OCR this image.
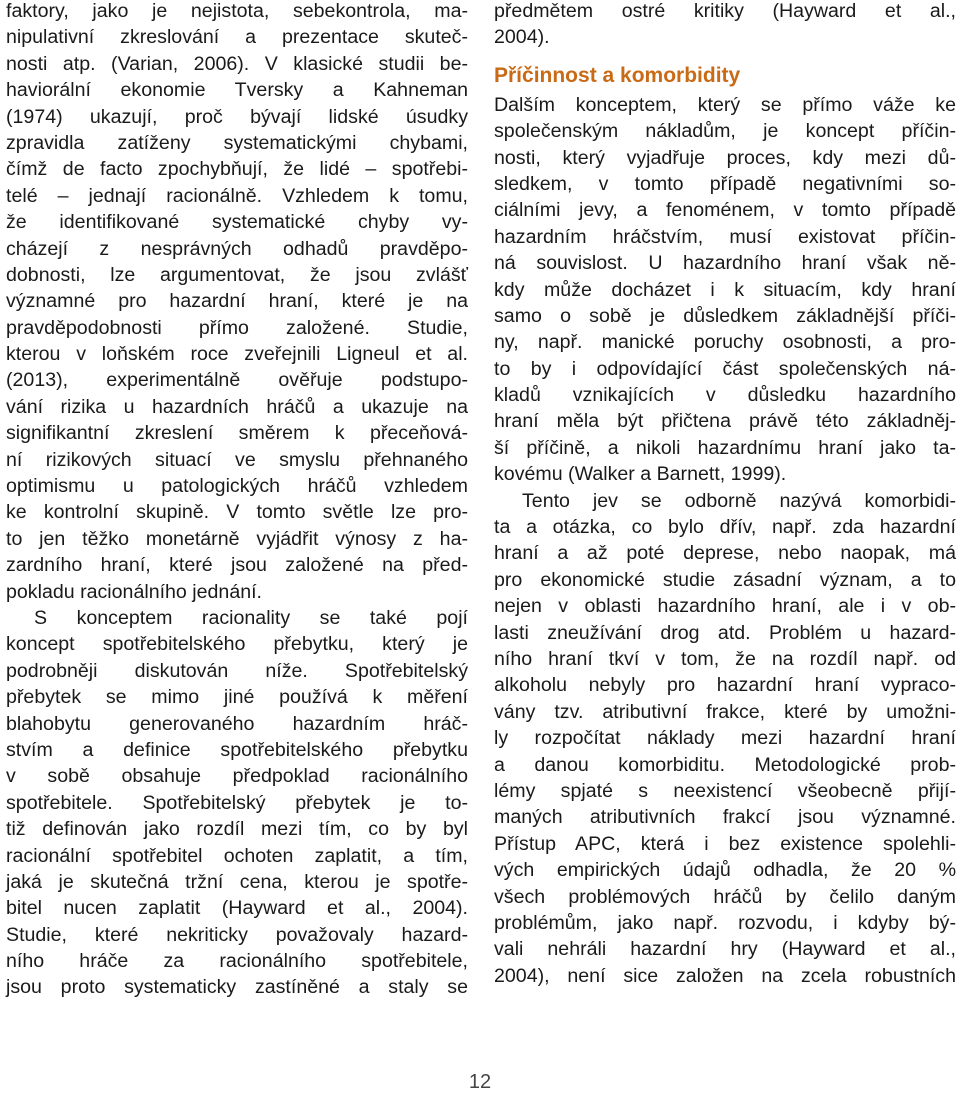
faktory, jako je nejistota, sebekontrola, ma-
nipulativní zkreslování a prezentace skuteč-
nosti atp. (Varian, 2006). V klasické studii be-
haviorální ekonomie Tversky a Kahneman
(1974) ukazují, proč bývají lidské úsudky
zpravidla zatíženy systematickými chybami,
čímž de facto zpochybňují, že lidé – spotřebi-
telé – jednají racionálně. Vzhledem k tomu,
že identifikované systematické chyby vy-
cházejí z nesprávných odhadů pravděpo-
dobnosti, lze argumentovat, že jsou zvlášť
významné pro hazardní hraní, které je na
pravděpodobnosti přímo založené. Studie,
kterou v loňském roce zveřejnili Ligneul et al.
(2013), experimentálně ověřuje podstupo-
vání rizika u hazardních hráčů a ukazuje na
signifikantní zkreslení směrem k přeceňová-
ní rizikových situací ve smyslu přehnaného
optimismu u patologických hráčů vzhledem
ke kontrolní skupině. V tomto světle lze pro-
to jen těžko monetárně vyjádřit výnosy z ha-
zardního hraní, které jsou založené na před-
pokladu racionálního jednání.
S konceptem racionality se také pojí
koncept spotřebitelského přebytku, který je
podrobněji diskutován níže. Spotřebitelský
přebytek se mimo jiné používá k měření
blahobytu generovaného hazardním hráč-
stvím a definice spotřebitelského přebytku
v sobě obsahuje předpoklad racionálního
spotřebitele. Spotřebitelský přebytek je to-
tiž definován jako rozdíl mezi tím, co by byl
racionální spotřebitel ochoten zaplatit, a tím,
jaká je skutečná tržní cena, kterou je spotře-
bitel nucen zaplatit (Hayward et al., 2004).
Studie, které nekriticky považovaly hazard-
ního hráče za racionálního spotřebitele,
jsou proto systematicky zastíněné a staly se
předmětem ostré kritiky (Hayward et al.,
2004).
Příčinnost a komorbidity
Dalším konceptem, který se přímo váže ke
společenským nákladům, je koncept příčin-
nosti, který vyjadřuje proces, kdy mezi dů-
sledkem, v tomto případě negativními so-
ciálními jevy, a fenoménem, v tomto případě
hazardním hráčstvím, musí existovat příčin-
ná souvislost. U hazardního hraní však ně-
kdy může docházet i k situacím, kdy hraní
samo o sobě je důsledkem základnější příči-
ny, např. manické poruchy osobnosti, a pro-
to by i odpovídající část společenských ná-
kladů vznikajících v důsledku hazardního
hraní měla být přičtena právě této základněj-
ší příčině, a nikoli hazardnímu hraní jako ta-
kovému (Walker a Barnett, 1999).
Tento jev se odborně nazývá komorbidi-
ta a otázka, co bylo dřív, např. zda hazardní
hraní a až poté deprese, nebo naopak, má
pro ekonomické studie zásadní význam, a to
nejen v oblasti hazardního hraní, ale i v ob-
lasti zneužívání drog atd. Problém u hazard-
ního hraní tkví v tom, že na rozdíl např. od
alkoholu nebyly pro hazardní hraní vypraco-
vány tzv. atributivní frakce, které by umožni-
ly rozpočítat náklady mezi hazardní hraní
a danou komorbiditu. Metodologické prob-
lémy spjaté s neexistencí všeobecně přijí-
maných atributivních frakcí jsou významné.
Přístup APC, která i bez existence spolehli-
vých empirických údajů odhadla, že 20 %
všech problémových hráčů by čelilo daným
problémům, jako např. rozvodu, i kdyby bý-
vali nehráli hazardní hry (Hayward et al.,
2004), není sice založen na zcela robustních
12
